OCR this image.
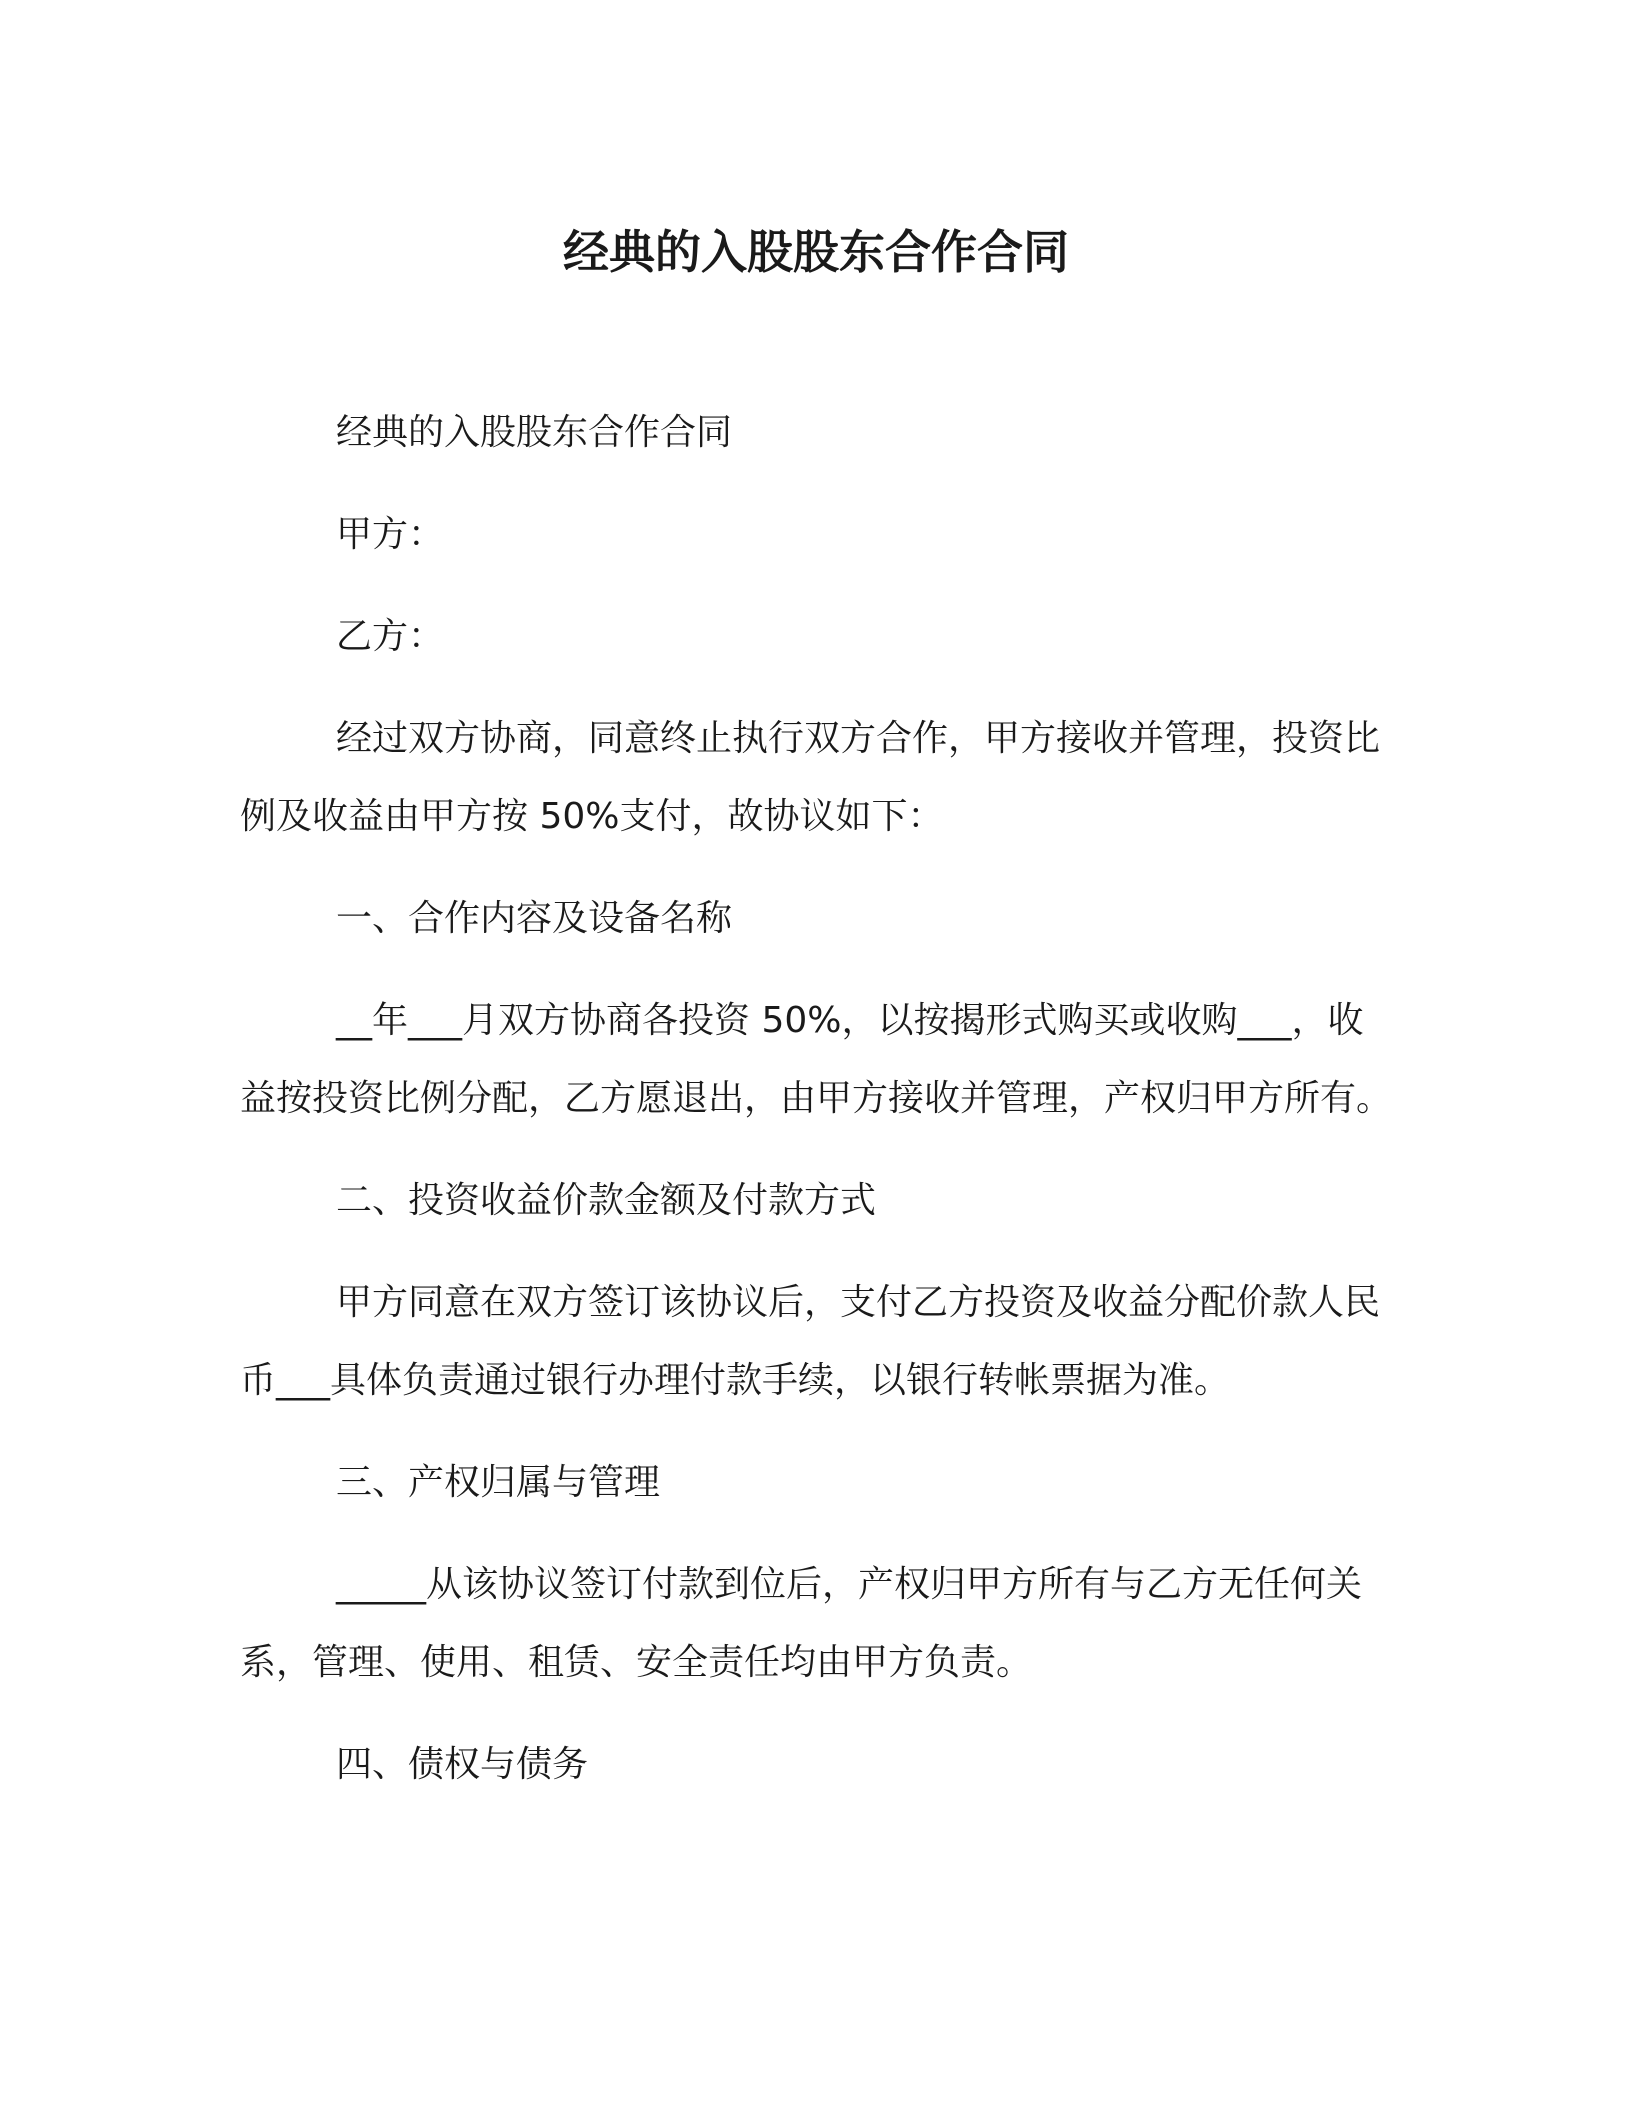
经典的入股股东合作合同

经典的入股股东合作合同

甲方：

乙方：

经过双方协商，同意终止执行双方合作，甲方接收并管理，投资比例及收益由甲方按 50%支付，故协议如下：

一、合作内容及设备名称

__年___月双方协商各投资 50%，以按揭形式购买或收购___，收益按投资比例分配，乙方愿退出，由甲方接收并管理，产权归甲方所有。

二、投资收益价款金额及付款方式

甲方同意在双方签订该协议后，支付乙方投资及收益分配价款人民币___具体负责通过银行办理付款手续，以银行转帐票据为准。

三、产权归属与管理

_____从该协议签订付款到位后，产权归甲方所有与乙方无任何关系，管理、使用、租赁、安全责任均由甲方负责。

四、债权与债务
